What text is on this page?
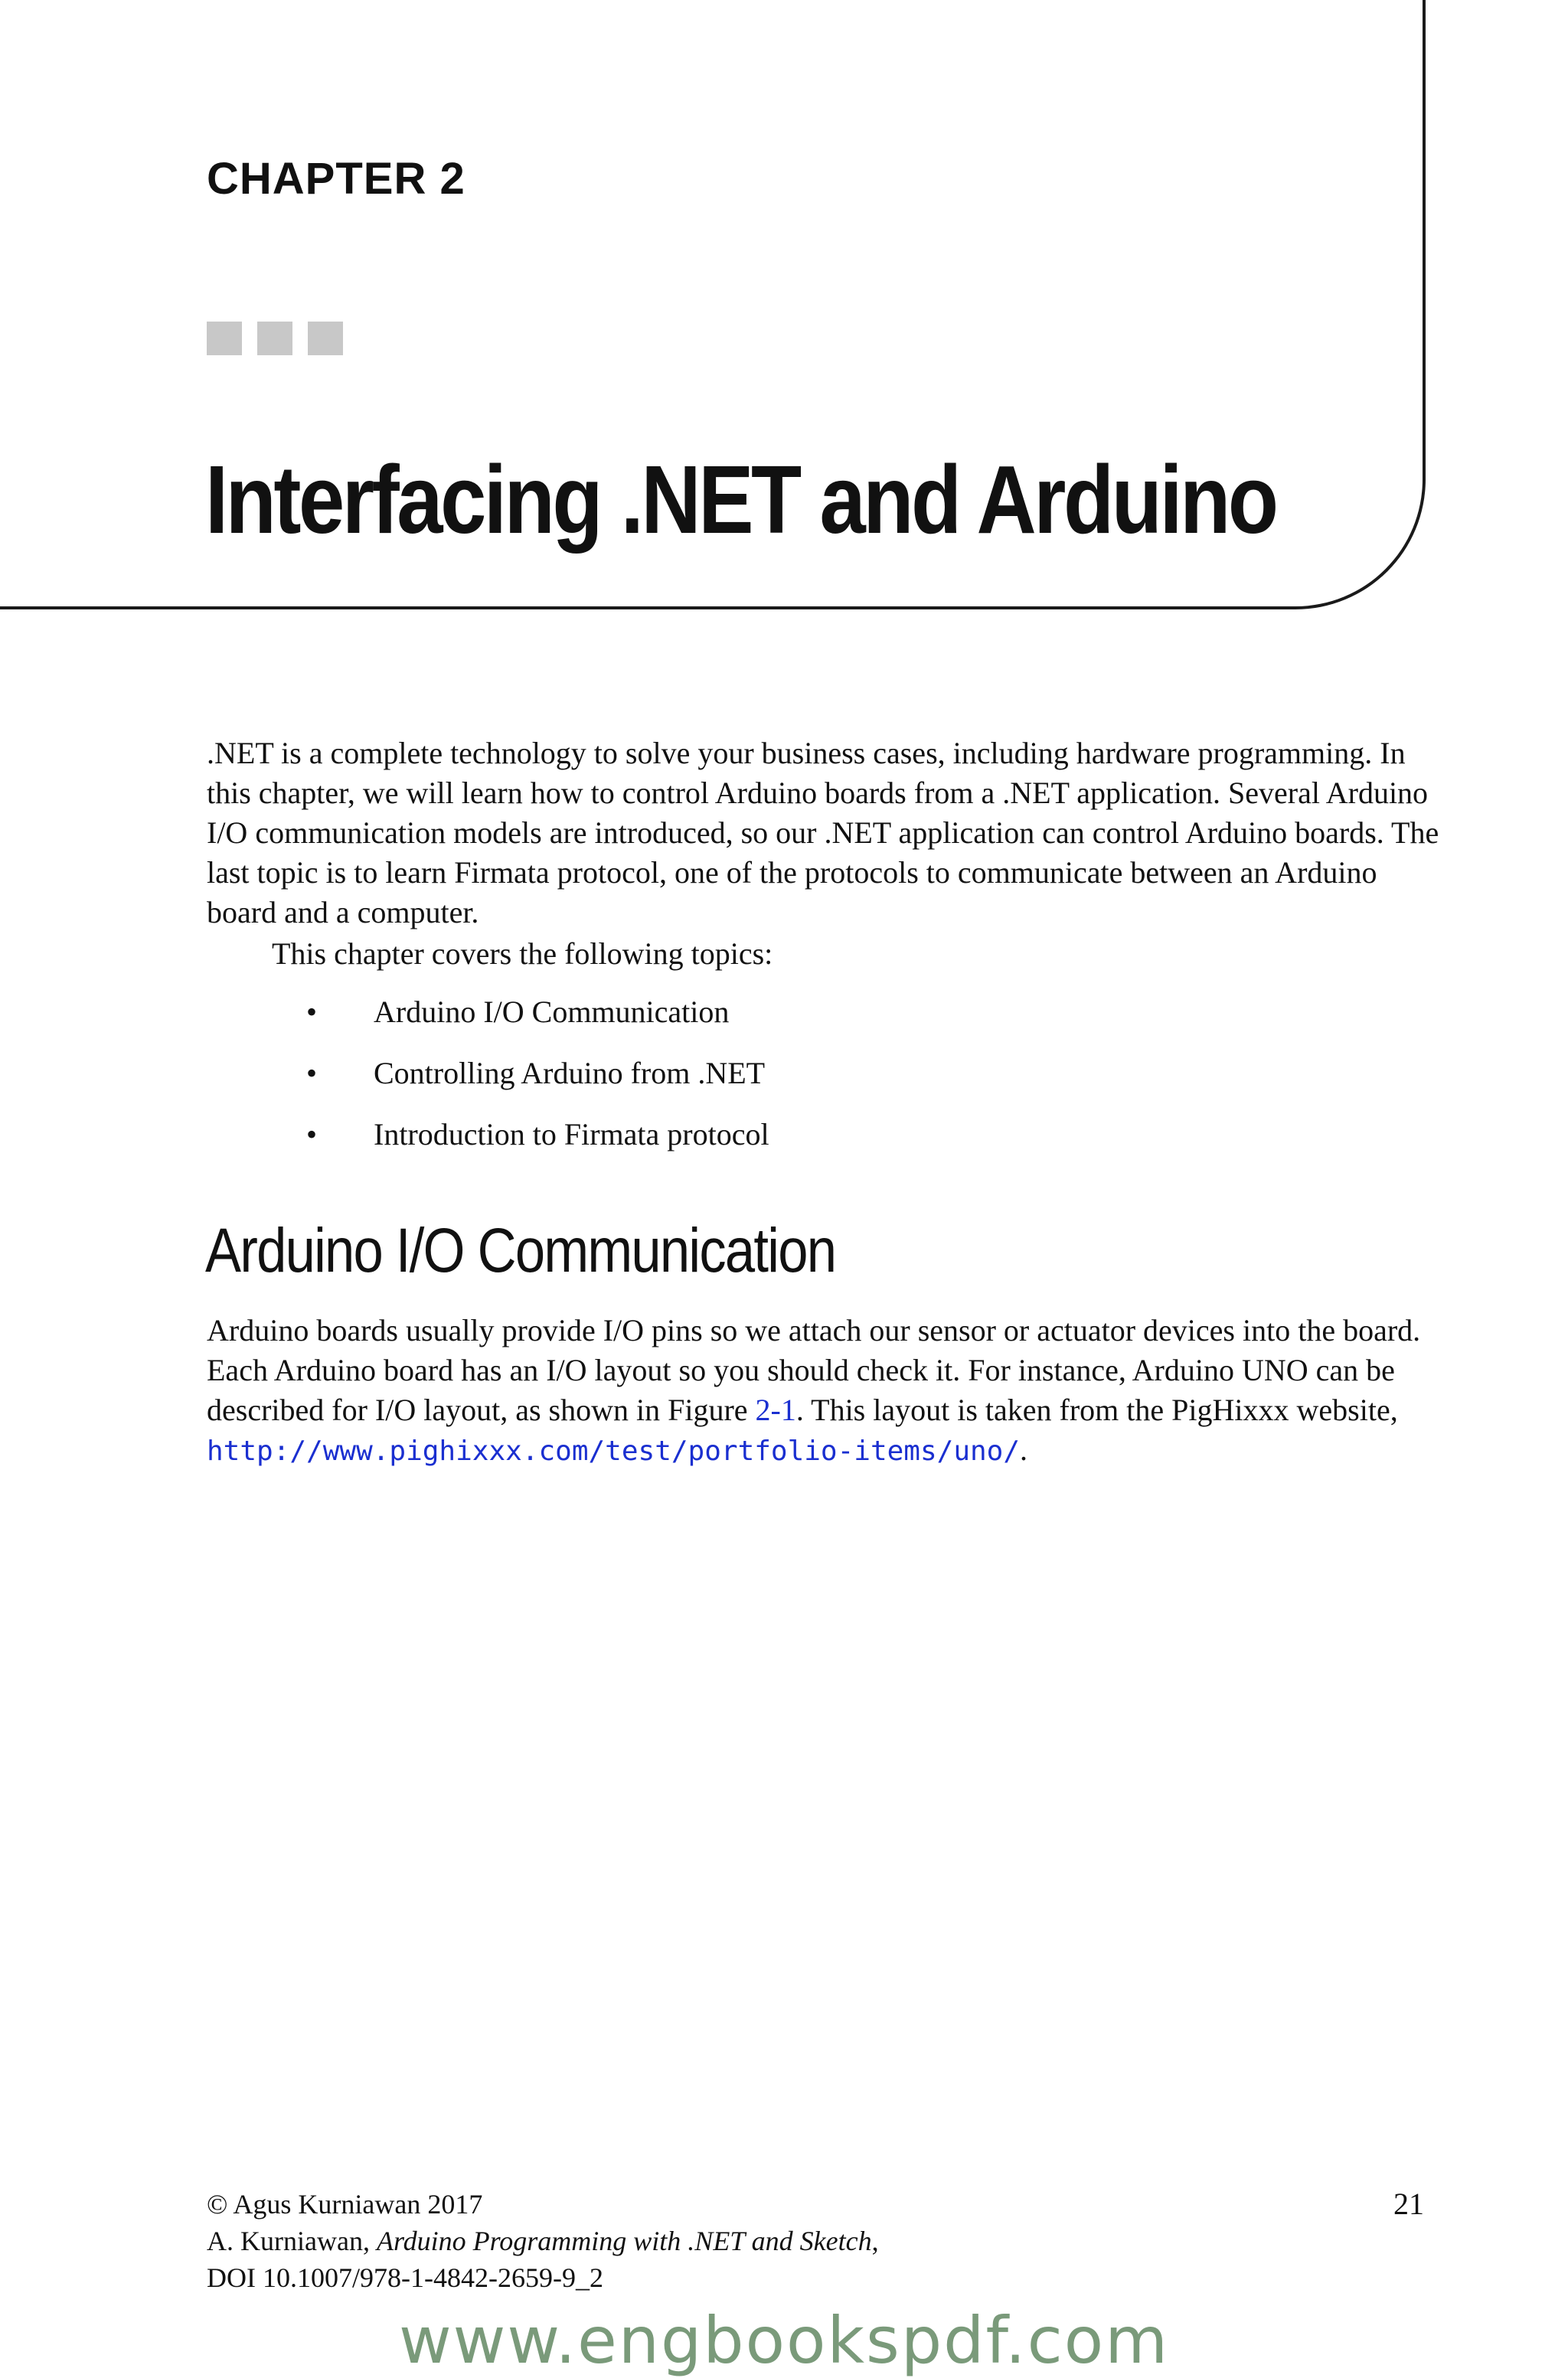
CHAPTER 2
Interfacing .NET and Arduino

.NET is a complete technology to solve your business cases, including hardware programming. In this chapter, we will learn how to control Arduino boards from a .NET application. Several Arduino I/O communication models are introduced, so our .NET application can control Arduino boards. The last topic is to learn Firmata protocol, one of the protocols to communicate between an Arduino board and a computer.

This chapter covers the following topics:

• Arduino I/O Communication
• Controlling Arduino from .NET
• Introduction to Firmata protocol
Arduino I/O Communication

Arduino boards usually provide I/O pins so we attach our sensor or actuator devices into the board. Each Arduino board has an I/O layout so you should check it. For instance, Arduino UNO can be described for I/O layout, as shown in Figure 2-1. This layout is taken from the PigHixxx website, http://www.pighixxx.com/test/portfolio-items/uno/.

© Agus Kurniawan 2017
A. Kurniawan, Arduino Programming with .NET and Sketch,
DOI 10.1007/978-1-4842-2659-9_2
21
www.engbookspdf.com
